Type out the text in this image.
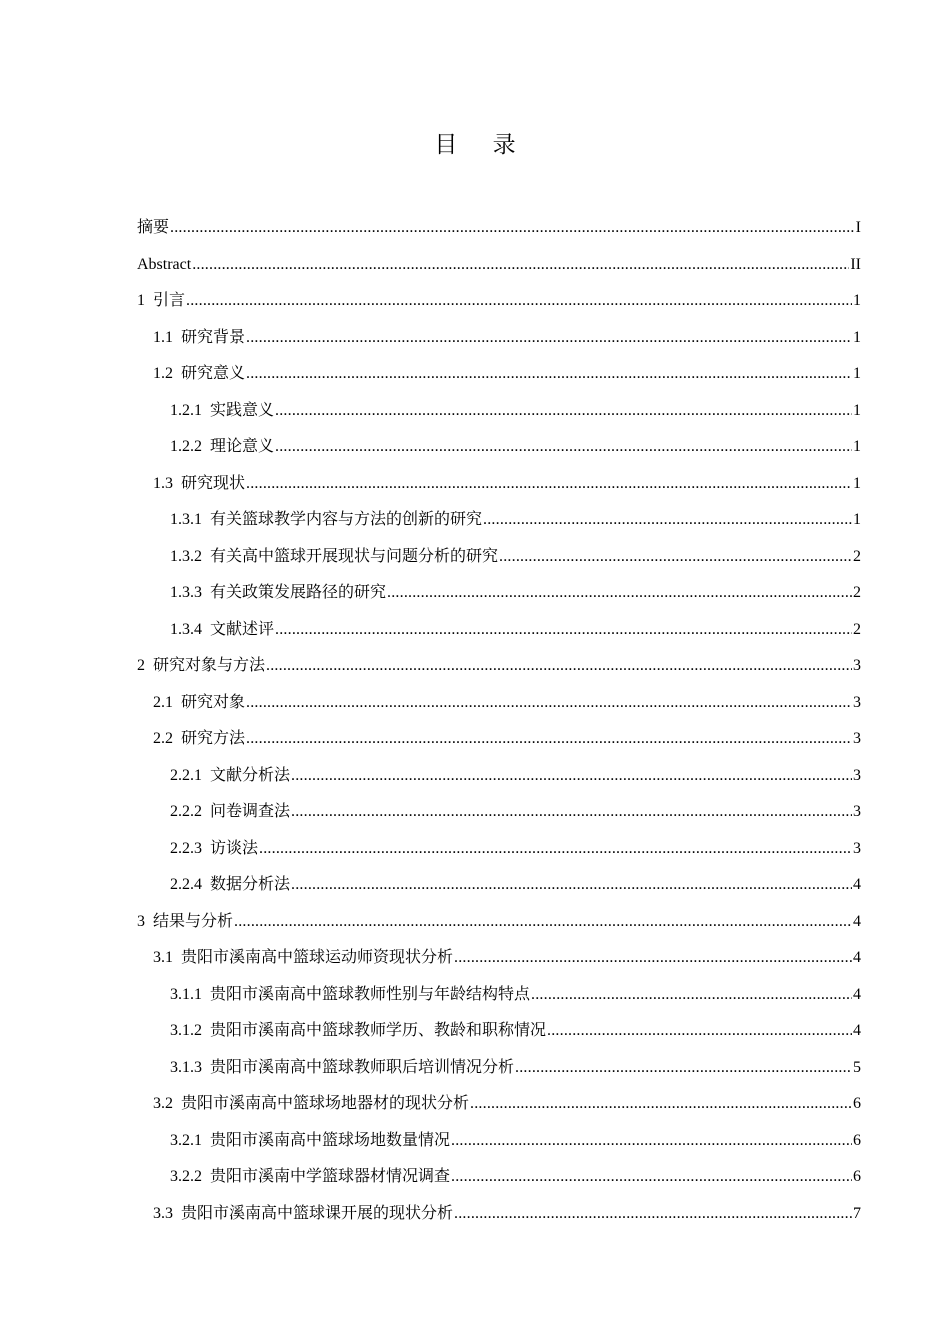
目 录
摘要 .....	I
Abstract .....	II
1 引言 .....	1
1.1 研究背景 .....	1
1.2 研究意义 .....	1
1.2.1 实践意义 .....	1
1.2.2 理论意义 .....	1
1.3 研究现状 .....	1
1.3.1 有关篮球教学内容与方法的创新的研究 .....	1
1.3.2 有关高中篮球开展现状与问题分析的研究 .....	2
1.3.3 有关政策发展路径的研究 .....	2
1.3.4 文献述评 .....	2
2 研究对象与方法 .....	3
2.1 研究对象 .....	3
2.2 研究方法 .....	3
2.2.1 文献分析法 .....	3
2.2.2 问卷调查法 .....	3
2.2.3 访谈法 .....	3
2.2.4 数据分析法 .....	4
3 结果与分析 .....	4
3.1 贵阳市溪南高中篮球运动师资现状分析 .....	4
3.1.1 贵阳市溪南高中篮球教师性别与年龄结构特点 .....	4
3.1.2 贵阳市溪南高中篮球教师学历、教龄和职称情况 .....	4
3.1.3 贵阳市溪南高中篮球教师职后培训情况分析 .....	5
3.2 贵阳市溪南高中篮球场地器材的现状分析 .....	6
3.2.1 贵阳市溪南高中篮球场地数量情况 .....	6
3.2.2 贵阳市溪南中学篮球器材情况调查 .....	6
3.3 贵阳市溪南高中篮球课开展的现状分析 .....	7
